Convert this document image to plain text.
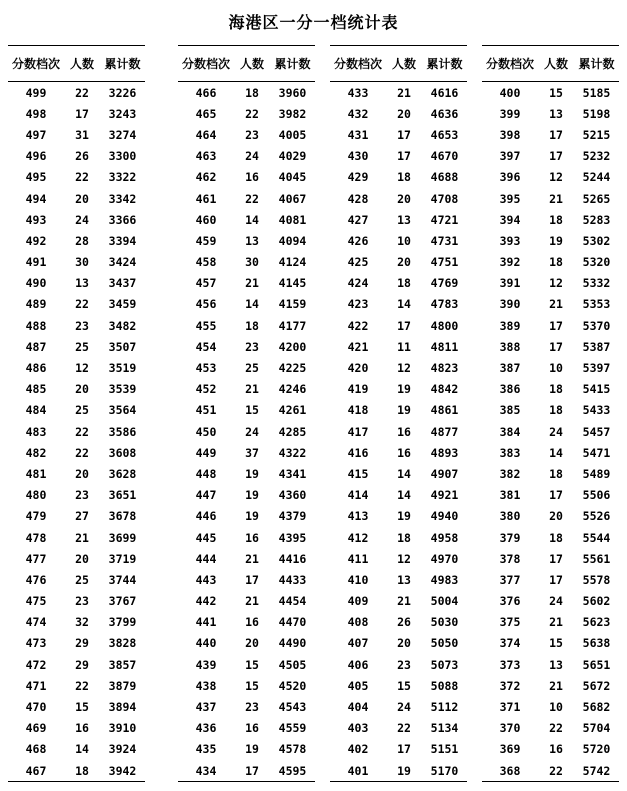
海港区一分一档统计表
分数档次	人数	累计数
499	22	3226
498	17	3243
497	31	3274
496	26	3300
495	22	3322
494	20	3342
493	24	3366
492	28	3394
491	30	3424
490	13	3437
489	22	3459
488	23	3482
487	25	3507
486	12	3519
485	20	3539
484	25	3564
483	22	3586
482	22	3608
481	20	3628
480	23	3651
479	27	3678
478	21	3699
477	20	3719
476	25	3744
475	23	3767
474	32	3799
473	29	3828
472	29	3857
471	22	3879
470	15	3894
469	16	3910
468	14	3924
467	18	3942
分数档次	人数	累计数
466	18	3960
465	22	3982
464	23	4005
463	24	4029
462	16	4045
461	22	4067
460	14	4081
459	13	4094
458	30	4124
457	21	4145
456	14	4159
455	18	4177
454	23	4200
453	25	4225
452	21	4246
451	15	4261
450	24	4285
449	37	4322
448	19	4341
447	19	4360
446	19	4379
445	16	4395
444	21	4416
443	17	4433
442	21	4454
441	16	4470
440	20	4490
439	15	4505
438	15	4520
437	23	4543
436	16	4559
435	19	4578
434	17	4595
分数档次	人数	累计数
433	21	4616
432	20	4636
431	17	4653
430	17	4670
429	18	4688
428	20	4708
427	13	4721
426	10	4731
425	20	4751
424	18	4769
423	14	4783
422	17	4800
421	11	4811
420	12	4823
419	19	4842
418	19	4861
417	16	4877
416	16	4893
415	14	4907
414	14	4921
413	19	4940
412	18	4958
411	12	4970
410	13	4983
409	21	5004
408	26	5030
407	20	5050
406	23	5073
405	15	5088
404	24	5112
403	22	5134
402	17	5151
401	19	5170
分数档次	人数	累计数
400	15	5185
399	13	5198
398	17	5215
397	17	5232
396	12	5244
395	21	5265
394	18	5283
393	19	5302
392	18	5320
391	12	5332
390	21	5353
389	17	5370
388	17	5387
387	10	5397
386	18	5415
385	18	5433
384	24	5457
383	14	5471
382	18	5489
381	17	5506
380	20	5526
379	18	5544
378	17	5561
377	17	5578
376	24	5602
375	21	5623
374	15	5638
373	13	5651
372	21	5672
371	10	5682
370	22	5704
369	16	5720
368	22	5742
